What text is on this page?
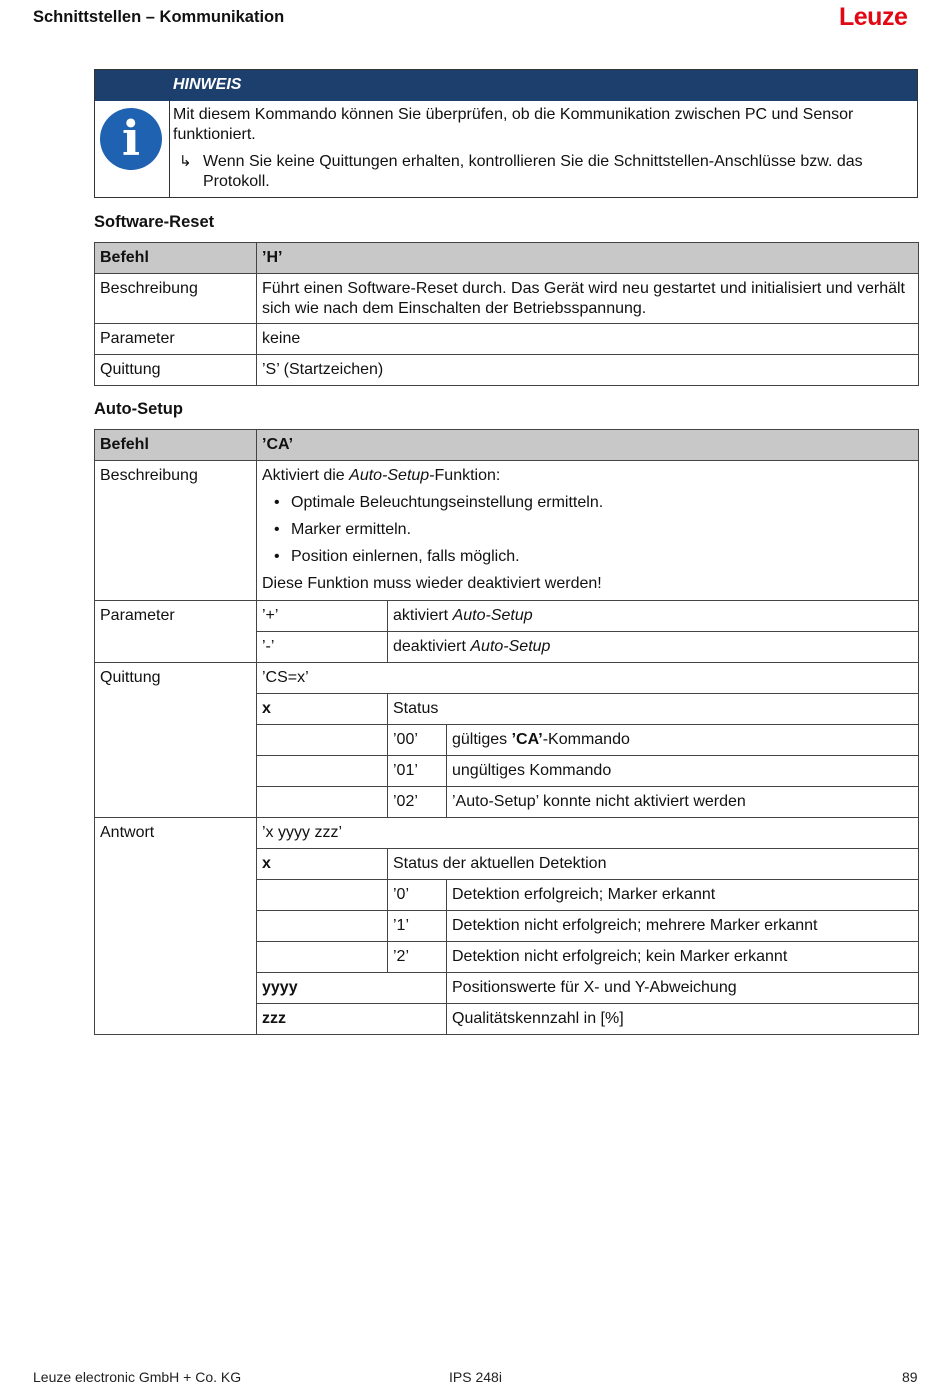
Schnittstellen – Kommunikation	Leuze
HINWEIS
i	Mit diesem Kommando können Sie überprüfen, ob die Kommunikation zwischen PC und Sensor funktioniert.
↳ Wenn Sie keine Quittungen erhalten, kontrollieren Sie die Schnittstellen-Anschlüsse bzw. das Protokoll.
Software-Reset
Befehl	’H’
Beschreibung	Führt einen Software-Reset durch. Das Gerät wird neu gestartet und initialisiert und verhält sich wie nach dem Einschalten der Betriebsspannung.
Parameter	keine
Quittung	’S’ (Startzeichen)
Auto-Setup
Befehl	’CA’		
Beschreibung	Aktiviert die Auto-Setup-Funktion:
• Optimale Beleuchtungseinstellung ermitteln.
• Marker ermitteln.
• Position einlernen, falls möglich.
Diese Funktion muss wieder deaktiviert werden!

Parameter	’+’	aktiviert Auto-Setup	
	’-’	deaktiviert Auto-Setup	
Quittung	’CS=x’		
	x	Status	
		’00’	gültiges ’CA’-Kommando
		’01’	ungültiges Kommando
		’02’	’Auto-Setup’ konnte nicht aktiviert werden
Antwort	’x yyyy zzz’		
	x	Status der aktuellen Detektion	
		’0’	Detektion erfolgreich; Marker erkannt
		’1’	Detektion nicht erfolgreich; mehrere Marker erkannt
		’2’	Detektion nicht erfolgreich; kein Marker erkannt
	yyyy		Positionswerte für X- und Y-Abweichung
	zzz		Qualitätskennzahl in [%]
Leuze electronic GmbH + Co. KG	IPS 248i	89
